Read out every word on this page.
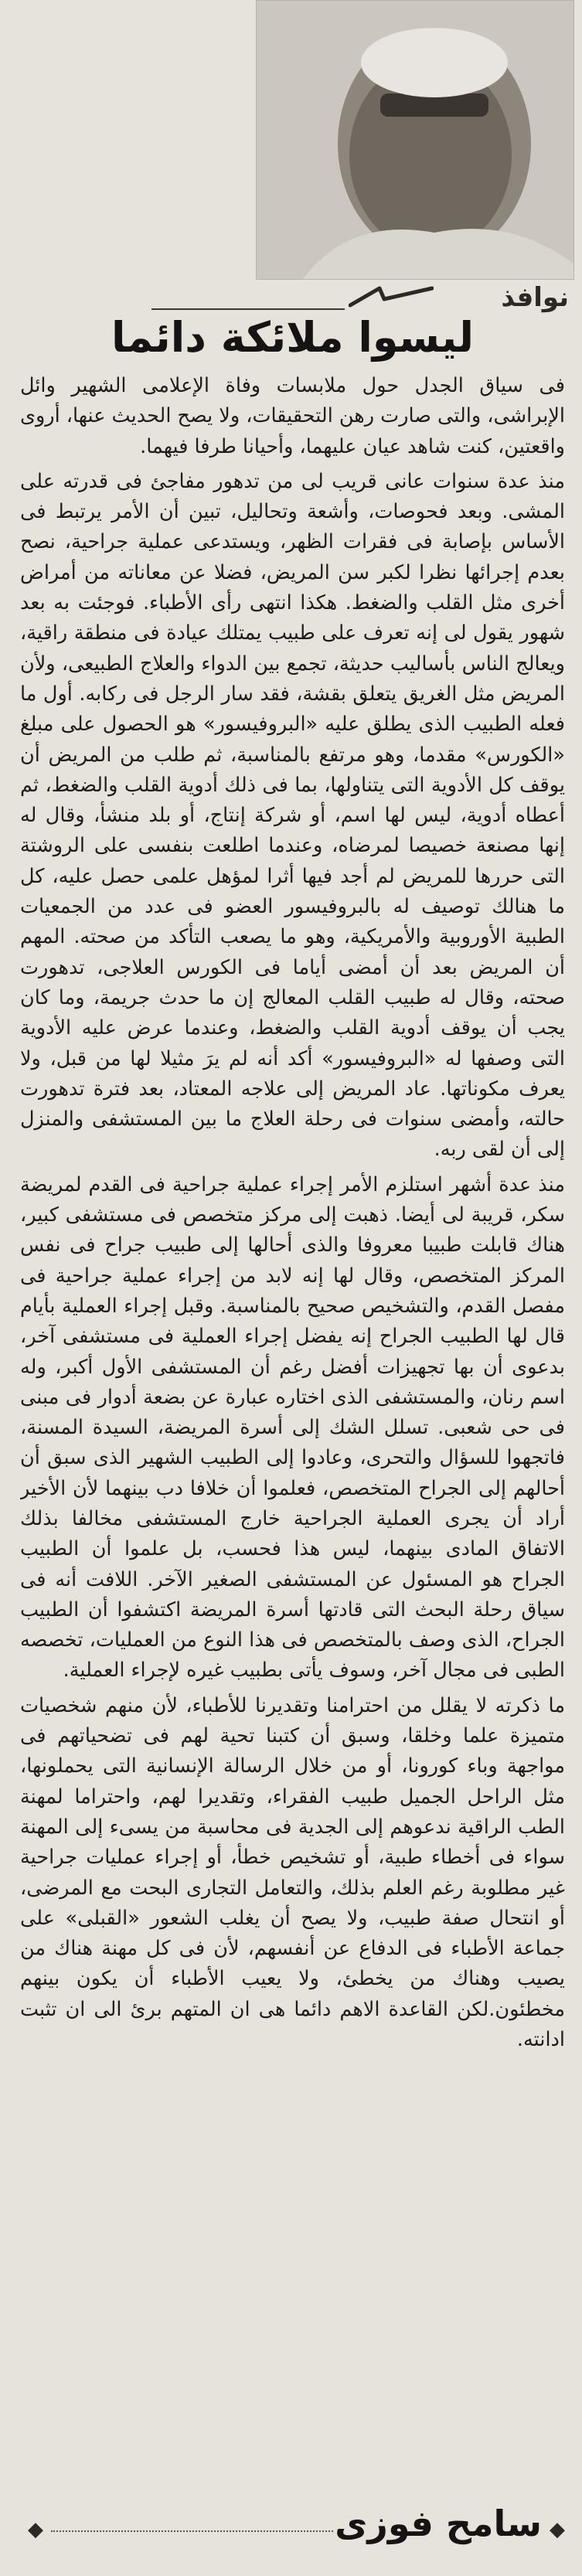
نوافذ
ليسوا ملائكة دائما

فى سياق الجدل حول ملابسات وفاة الإعلامى الشهير وائل الإبراشى، والتى صارت رهن التحقيقات، ولا يصح الحديث عنها، أروى واقعتين، كنت شاهد عيان عليهما، وأحيانا طرفا فيهما.

منذ عدة سنوات عانى قريب لى من تدهور مفاجئ فى قدرته على المشى. وبعد فحوصات، وأشعة وتحاليل، تبين أن الأمر يرتبط فى الأساس بإصابة فى فقرات الظهر، ويستدعى عملية جراحية، نصح بعدم إجرائها نظرا لكبر سن المريض، فضلا عن معاناته من أمراض أخرى مثل القلب والضغط. هكذا انتهى رأى الأطباء. فوجئت به بعد شهور يقول لى إنه تعرف على طبيب يمتلك عيادة فى منطقة راقية، ويعالج الناس بأساليب حديثة، تجمع بين الدواء والعلاج الطبيعى، ولأن المريض مثل الغريق يتعلق بقشة، فقد سار الرجل فى ركابه. أول ما فعله الطبيب الذى يطلق عليه «البروفيسور» هو الحصول على مبلغ «الكورس» مقدما، وهو مرتفع بالمناسبة، ثم طلب من المريض أن يوقف كل الأدوية التى يتناولها، بما فى ذلك أدوية القلب والضغط، ثم أعطاه أدوية، ليس لها اسم، أو شركة إنتاج، أو بلد منشأ، وقال له إنها مصنعة خصيصا لمرضاه، وعندما اطلعت بنفسى على الروشتة التى حررها للمريض لم أجد فيها أثرا لمؤهل علمى حصل عليه، كل ما هنالك توصيف له بالبروفيسور العضو فى عدد من الجمعيات الطبية الأوروبية والأمريكية، وهو ما يصعب التأكد من صحته. المهم أن المريض بعد أن أمضى أياما فى الكورس العلاجى، تدهورت صحته، وقال له طبيب القلب المعالج إن ما حدث جريمة، وما كان يجب أن يوقف أدوية القلب والضغط، وعندما عرض عليه الأدوية التى وصفها له «البروفيسور» أكد أنه لم يرَ مثيلا لها من قبل، ولا يعرف مكوناتها. عاد المريض إلى علاجه المعتاد، بعد فترة تدهورت حالته، وأمضى سنوات فى رحلة العلاج ما بين المستشفى والمنزل إلى أن لقى ربه.

منذ عدة أشهر استلزم الأمر إجراء عملية جراحية فى القدم لمريضة سكر، قريبة لى أيضا. ذهبت إلى مركز متخصص فى مستشفى كبير، هناك قابلت طبيبا معروفا والذى أحالها إلى طبيب جراح فى نفس المركز المتخصص، وقال لها إنه لابد من إجراء عملية جراحية فى مفصل القدم، والتشخيص صحيح بالمناسبة. وقبل إجراء العملية بأيام قال لها الطبيب الجراح إنه يفضل إجراء العملية فى مستشفى آخر، بدعوى أن بها تجهيزات أفضل رغم أن المستشفى الأول أكبر، وله اسم رنان، والمستشفى الذى اختاره عبارة عن بضعة أدوار فى مبنى فى حى شعبى. تسلل الشك إلى أسرة المريضة، السيدة المسنة، فاتجهوا للسؤال والتحرى، وعادوا إلى الطبيب الشهير الذى سبق أن أحالهم إلى الجراح المتخصص، فعلموا أن خلافا دب بينهما لأن الأخير أراد أن يجرى العملية الجراحية خارج المستشفى مخالفا بذلك الاتفاق المادى بينهما، ليس هذا فحسب، بل علموا أن الطبيب الجراح هو المسئول عن المستشفى الصغير الآخر. اللافت أنه فى سياق رحلة البحث التى قادتها أسرة المريضة اكتشفوا أن الطبيب الجراح، الذى وصف بالمتخصص فى هذا النوع من العمليات، تخصصه الطبى فى مجال آخر، وسوف يأتى بطبيب غيره لإجراء العملية.

ما ذكرته لا يقلل من احترامنا وتقديرنا للأطباء، لأن منهم شخصيات متميزة علما وخلقا، وسبق أن كتبنا تحية لهم فى تضحياتهم فى مواجهة وباء كورونا، أو من خلال الرسالة الإنسانية التى يحملونها، مثل الراحل الجميل طبيب الفقراء، وتقديرا لهم، واحتراما لمهنة الطب الراقية ندعوهم إلى الجدية فى محاسبة من يسىء إلى المهنة سواء فى أخطاء طبية، أو تشخيص خطأ، أو إجراء عمليات جراحية غير مطلوبة رغم العلم بذلك، والتعامل التجارى البحت مع المرضى، أو انتحال صفة طبيب، ولا يصح أن يغلب الشعور «القبلى» على جماعة الأطباء فى الدفاع عن أنفسهم، لأن فى كل مهنة هناك من يصيب وهناك من يخطئ، ولا يعيب الأطباء أن يكون بينهم مخطئون.لكن القاعدة الاهم دائما هى ان المتهم برئ الى ان تثبت ادانته.

◆
سامح فوزى
◆
